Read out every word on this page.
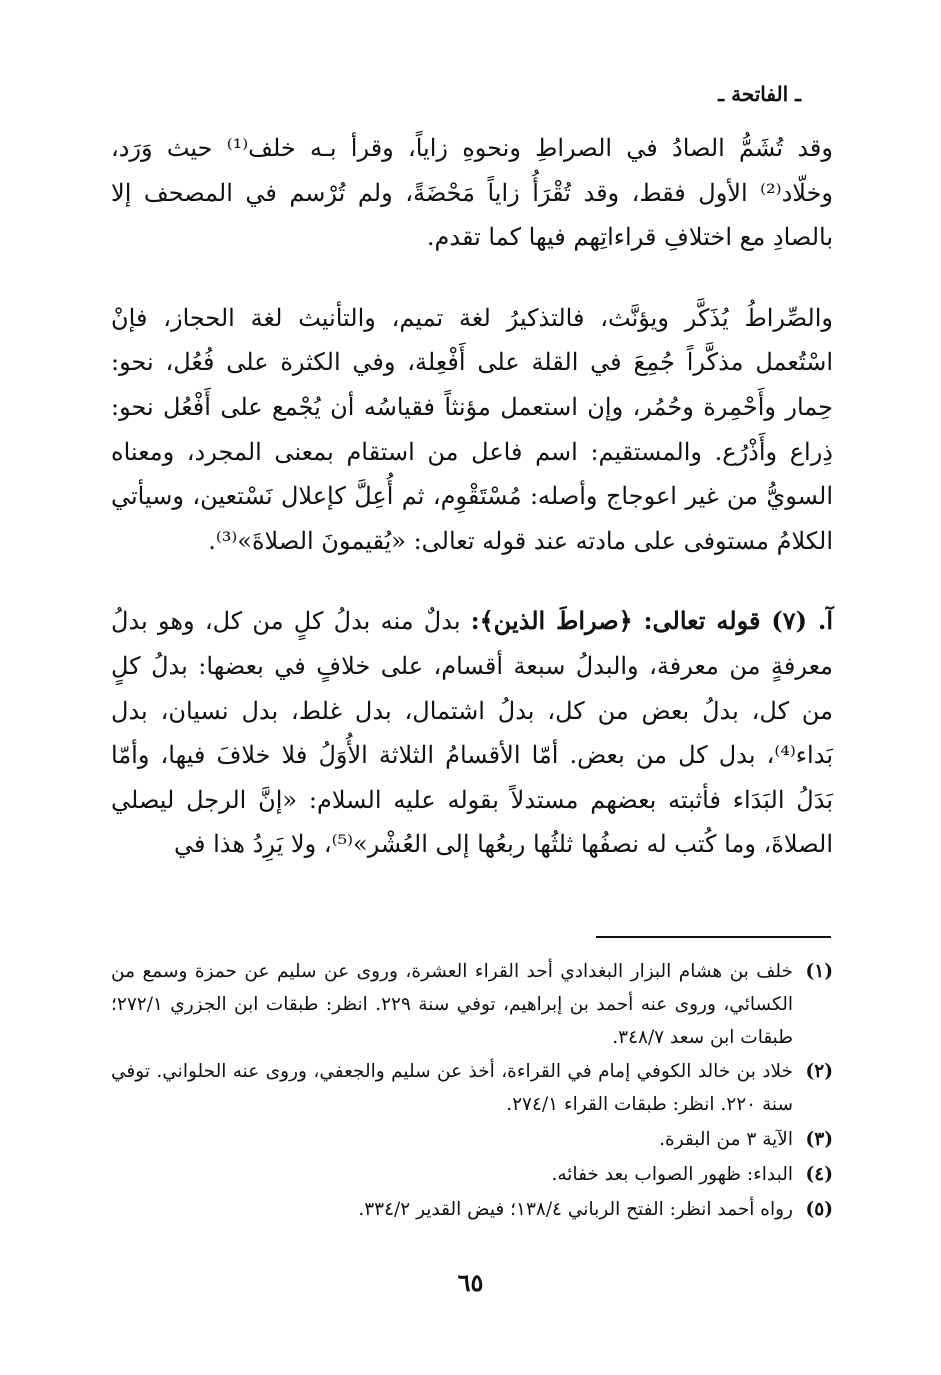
ـ الفاتحة ـ

وقد تُشَمُّ الصادُ في الصراطِ ونحوهِ زاياً، وقرأ بـه خلف⁽¹⁾ حيث وَرَد، وخلّاد⁽²⁾ الأول فقط، وقد تُقْرَأُ زاياً مَحْضَةً، ولم تُرْسم في المصحف إلا بالصادِ مع اختلافِ قراءاتِهم فيها كما تقدم.

والصِّراطُ يُذَكَّر ويؤنَّث، فالتذكيرُ لغة تميم، والتأنيث لغة الحجاز، فإنْ اسْتُعمل مذكَّراً جُمِعَ في القلة على أَفْعِلة، وفي الكثرة على فُعُل، نحو: حِمار وأَحْمِرة وحُمُر، وإن استعمل مؤنثاً فقياسُه أن يُجْمع على أَفْعُل نحو: ذِراع وأَذْرُع. والمستقيم: اسم فاعل من استقام بمعنى المجرد، ومعناه السويُّ من غير اعوجاج وأصله: مُسْتَقْوِم، ثم أُعِلَّ كإعلال نَسْتعين، وسيأتي الكلامُ مستوفى على مادته عند قوله تعالى: «يُقيمونَ الصلاةَ»⁽³⁾.

آ. (٧) قوله تعالى: ﴿صراطَ الذين﴾: بدلٌ منه بدلُ كلٍ من كل، وهو بدلُ معرفةٍ من معرفة، والبدلُ سبعة أقسام، على خلافٍ في بعضها: بدلُ كلٍ من كل، بدلُ بعض من كل، بدلُ اشتمال، بدل غلط، بدل نسيان، بدل بَداء⁽⁴⁾، بدل كل من بعض. أمّا الأقسامُ الثلاثة الأُوَلُ فلا خلافَ فيها، وأمّا بَدَلُ البَدَاء فأثبته بعضهم مستدلاً بقوله عليه السلام: «إنَّ الرجل ليصلي الصلاةَ، وما كُتب له نصفُها ثلثُها ربعُها إلى العُشْر»⁽⁵⁾، ولا يَرِدُ هذا في

(١)
خلف بن هشام البزار البغدادي أحد القراء العشرة، وروى عن سليم عن حمزة وسمع من الكسائي، وروى عنه أحمد بن إبراهيم، توفي سنة ٢٢٩. انظر: طبقات ابن الجزري ٢٧٢/١؛ طبقات ابن سعد ٣٤٨/٧.
(٢)
خلاد بن خالد الكوفي إمام في القراءة، أخذ عن سليم والجعفي، وروى عنه الحلواني. توفي سنة ٢٢٠. انظر: طبقات القراء ٢٧٤/١.
(٣)
الآية ٣ من البقرة.
(٤)
البداء: ظهور الصواب بعد خفائه.
(٥)
رواه أحمد انظر: الفتح الرباني ١٣٨/٤؛ فيض القدير ٣٣٤/٢.
٦٥
